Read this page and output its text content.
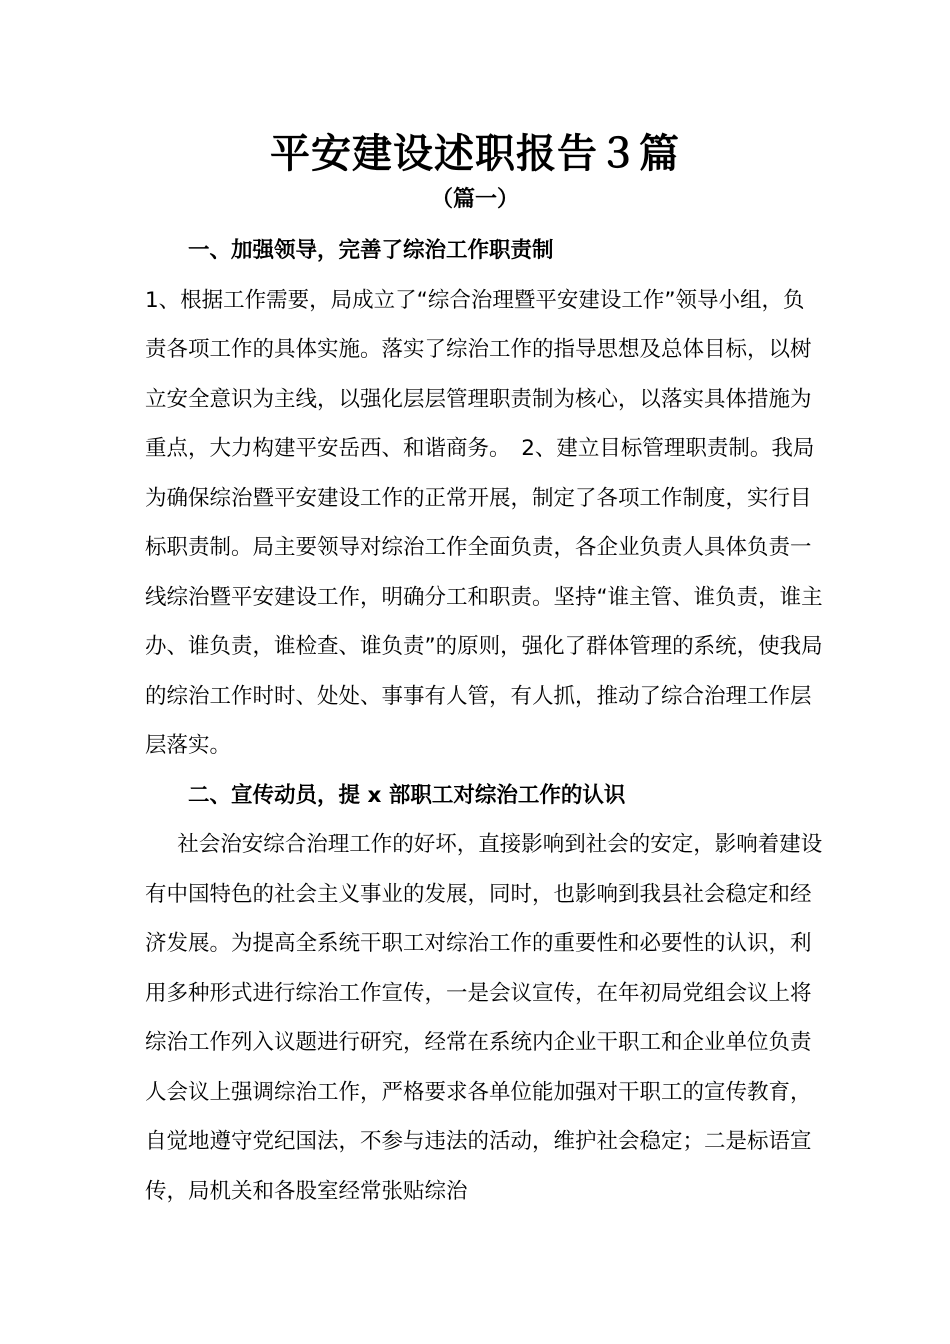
平安建设述职报告３篇
（篇一）

一、加强领导，完善了综治工作职责制

1、根据工作需要，局成立了“综合治理暨平安建设工作”领导小组，负责各项工作的具体实施。落实了综治工作的指导思想及总体目标，以树立安全意识为主线，以强化层层管理职责制为核心，以落实具体措施为重点，大力构建平安岳西、和谐商务。　2、建立目标管理职责制。我局为确保综治暨平安建设工作的正常开展，制定了各项工作制度，实行目标职责制。局主要领导对综治工作全面负责，各企业负责人具体负责一线综治暨平安建设工作，明确分工和职责。坚持“谁主管、谁负责，谁主办、谁负责，谁检查、谁负责”的原则，强化了群体管理的系统，使我局的综治工作时时、处处、事事有人管，有人抓，推动了综合治理工作层层落实。

二、宣传动员，提 x 部职工对综治工作的认识

社会治安综合治理工作的好坏，直接影响到社会的安定，影响着建设有中国特色的社会主义事业的发展，同时，也影响到我县社会稳定和经济发展。为提高全系统干职工对综治工作的重要性和必要性的认识，利用多种形式进行综治工作宣传，一是会议宣传，在年初局党组会议上将综治工作列入议题进行研究，经常在系统内企业干职工和企业单位负责人会议上强调综治工作，严格要求各单位能加强对干职工的宣传教育，自觉地遵守党纪国法，不参与违法的活动，维护社会稳定；二是标语宣传，局机关和各股室经常张贴综治
